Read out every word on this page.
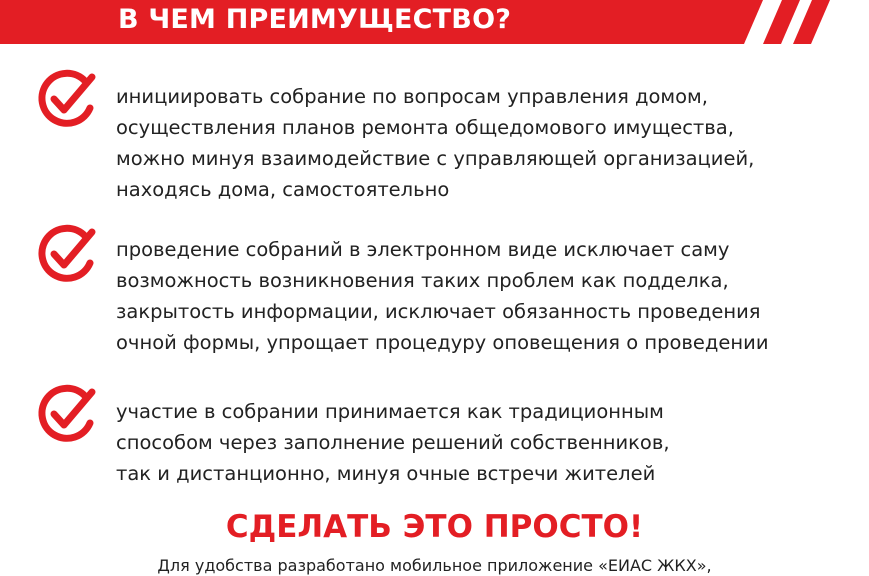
В ЧЕМ ПРЕИМУЩЕСТВО?
инициировать собрание по вопросам управления домом,
осуществления планов ремонта общедомового имущества,
можно минуя взаимодействие с управляющей организацией,
находясь дома, самостоятельно
проведение собраний в электронном виде исключает саму
возможность возникновения таких проблем как подделка,
закрытость информации, исключает обязанность проведения
очной формы, упрощает процедуру оповещения о проведении
участие в собрании принимается как традиционным
способом через заполнение решений собственников,
так и дистанционно, минуя очные встречи жителей
СДЕЛАТЬ ЭТО ПРОСТО!

Для удобства разработано мобильное приложение «ЕИАС ЖКХ»,
